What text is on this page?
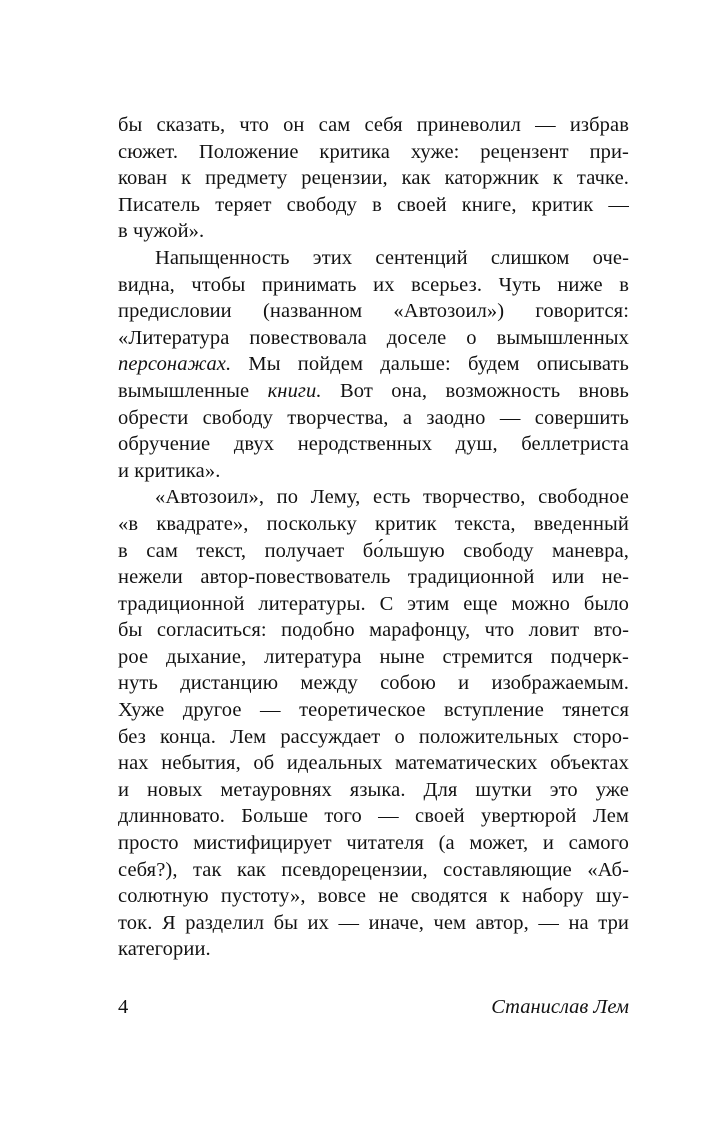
бы сказать, что он сам себя приневолил — избрав
сюжет. Положение критика хуже: рецензент при-
кован к предмету рецензии, как каторжник к тачке.
Писатель теряет свободу в своей книге, критик —
в чужой».
Напыщенность этих сентенций слишком оче-
видна, чтобы принимать их всерьез. Чуть ниже в
предисловии (названном «Автозоил») говорится:
«Литература повествовала доселе о вымышленных
персонажах. Мы пойдем дальше: будем описывать
вымышленные книги. Вот она, возможность вновь
обрести свободу творчества, а заодно — совершить
обручение двух неродственных душ, беллетриста
и критика».
«Автозоил», по Лему, есть творчество, свободное
«в квадрате», поскольку критик текста, введенный
в сам текст, получает бо́льшую свободу маневра,
нежели автор-повествователь традиционной или не-
традиционной литературы. С этим еще можно было
бы согласиться: подобно марафонцу, что ловит вто-
рое дыхание, литература ныне стремится подчерк-
нуть дистанцию между собою и изображаемым.
Хуже другое — теоретическое вступление тянется
без конца. Лем рассуждает о положительных сторо-
нах небытия, об идеальных математических объектах
и новых метауровнях языка. Для шутки это уже
длинновато. Больше того — своей увертюрой Лем
просто мистифицирует читателя (а может, и самого
себя?), так как псевдорецензии, составляющие «Аб-
солютную пустоту», вовсе не сводятся к набору шу-
ток. Я разделил бы их — иначе, чем автор, — на три
категории.
4	Станислав Лем
